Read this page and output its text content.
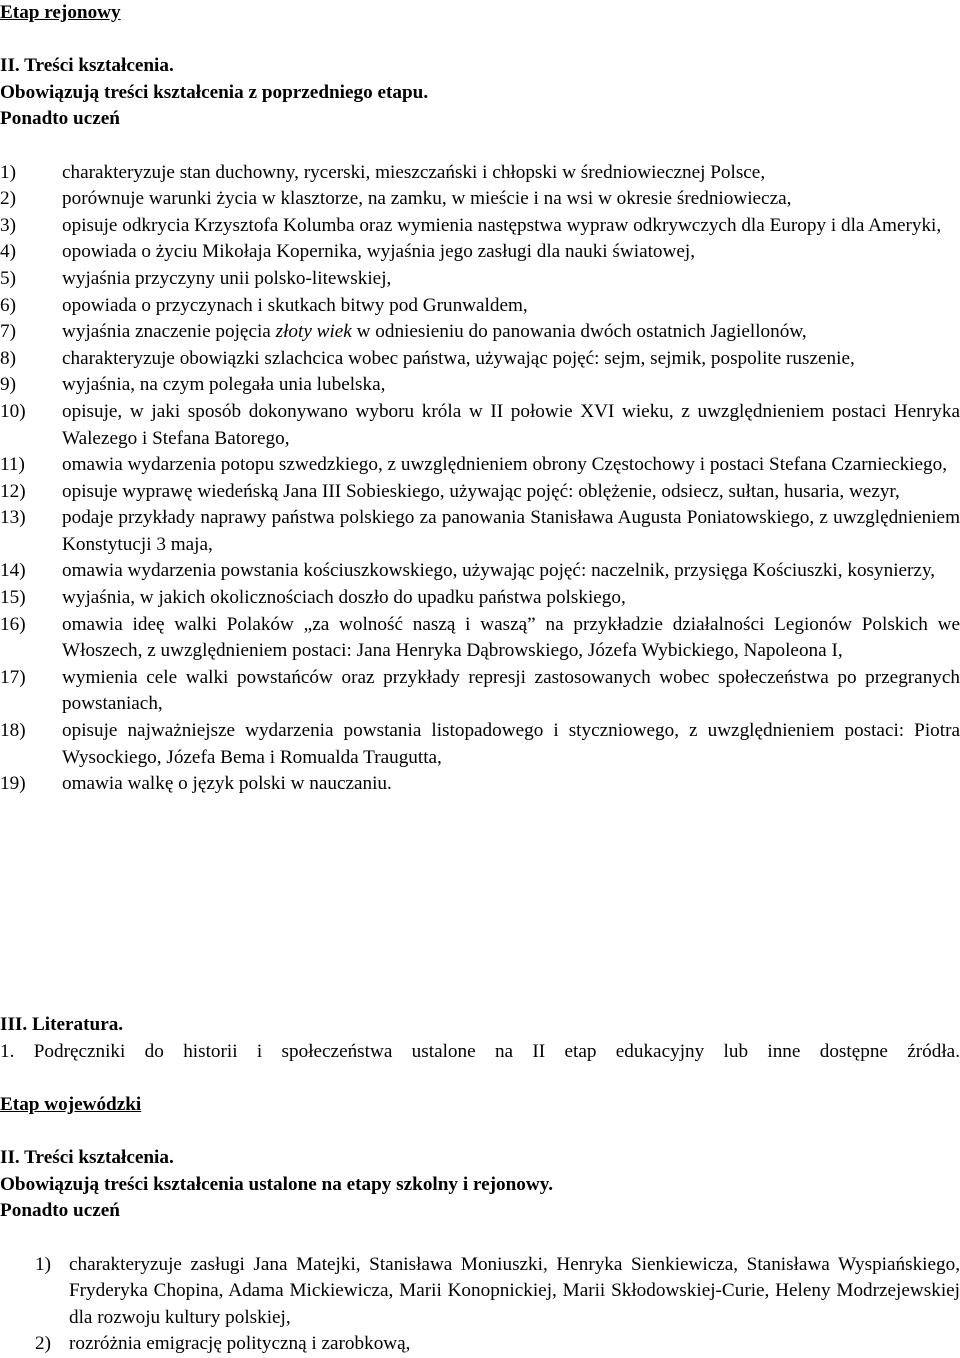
Etap rejonowy

II. Treści kształcenia.

Obowiązują treści kształcenia z poprzedniego etapu.

Ponadto uczeń

1) charakteryzuje stan duchowny, rycerski, mieszczański i chłopski w średniowiecznej Polsce,
2) porównuje warunki życia w klasztorze, na zamku, w mieście i na wsi w okresie średniowiecza,
3) opisuje odkrycia Krzysztofa Kolumba oraz wymienia następstwa wypraw odkrywczych dla Europy i dla Ameryki,
4) opowiada o życiu Mikołaja Kopernika, wyjaśnia jego zasługi dla nauki światowej,
5) wyjaśnia przyczyny unii polsko-litewskiej,
6) opowiada o przyczynach i skutkach bitwy pod Grunwaldem,
7) wyjaśnia znaczenie pojęcia złoty wiek w odniesieniu do panowania dwóch ostatnich Jagiellonów,
8) charakteryzuje obowiązki szlachcica wobec państwa, używając pojęć: sejm, sejmik, pospolite ruszenie,
9) wyjaśnia, na czym polegała unia lubelska,
10) opisuje, w jaki sposób dokonywano wyboru króla w II połowie XVI wieku, z uwzględnieniem postaci Henryka Walezego i Stefana Batorego,
11) omawia wydarzenia potopu szwedzkiego, z uwzględnieniem obrony Częstochowy i postaci Stefana Czarnieckiego,
12) opisuje wyprawę wiedeńską Jana III Sobieskiego, używając pojęć: oblężenie, odsiecz, sułtan, husaria, wezyr,
13) podaje przykłady naprawy państwa polskiego za panowania Stanisława Augusta Poniatowskiego, z uwzględnieniem Konstytucji 3 maja,
14) omawia wydarzenia powstania kościuszkowskiego, używając pojęć: naczelnik, przysięga Kościuszki, kosynierzy,
15) wyjaśnia, w jakich okolicznościach doszło do upadku państwa polskiego,
16) omawia ideę walki Polaków „za wolność naszą i waszą” na przykładzie działalności Legionów Polskich we Włoszech, z uwzględnieniem postaci: Jana Henryka Dąbrowskiego, Józefa Wybickiego, Napoleona I,
17) wymienia cele walki powstańców oraz przykłady represji zastosowanych wobec społeczeństwa po przegranych powstaniach,
18) opisuje najważniejsze wydarzenia powstania listopadowego i styczniowego, z uwzględnieniem postaci: Piotra Wysockiego, Józefa Bema i Romualda Traugutta,
19) omawia walkę o język polski w nauczaniu.

III. Literatura.

1. Podręczniki do historii i społeczeństwa ustalone na II etap edukacyjny lub inne dostępne źródła.

Etap wojewódzki

II. Treści kształcenia.

Obowiązują treści kształcenia ustalone na etapy szkolny i rejonowy.

Ponadto uczeń

1) charakteryzuje zasługi Jana Matejki, Stanisława Moniuszki, Henryka Sienkiewicza, Stanisława Wyspiańskiego, Fryderyka Chopina, Adama Mickiewicza, Marii Konopnickiej, Marii Skłodowskiej-Curie, Heleny Modrzejewskiej dla rozwoju kultury polskiej,
2) rozróżnia emigrację polityczną i zarobkową,
